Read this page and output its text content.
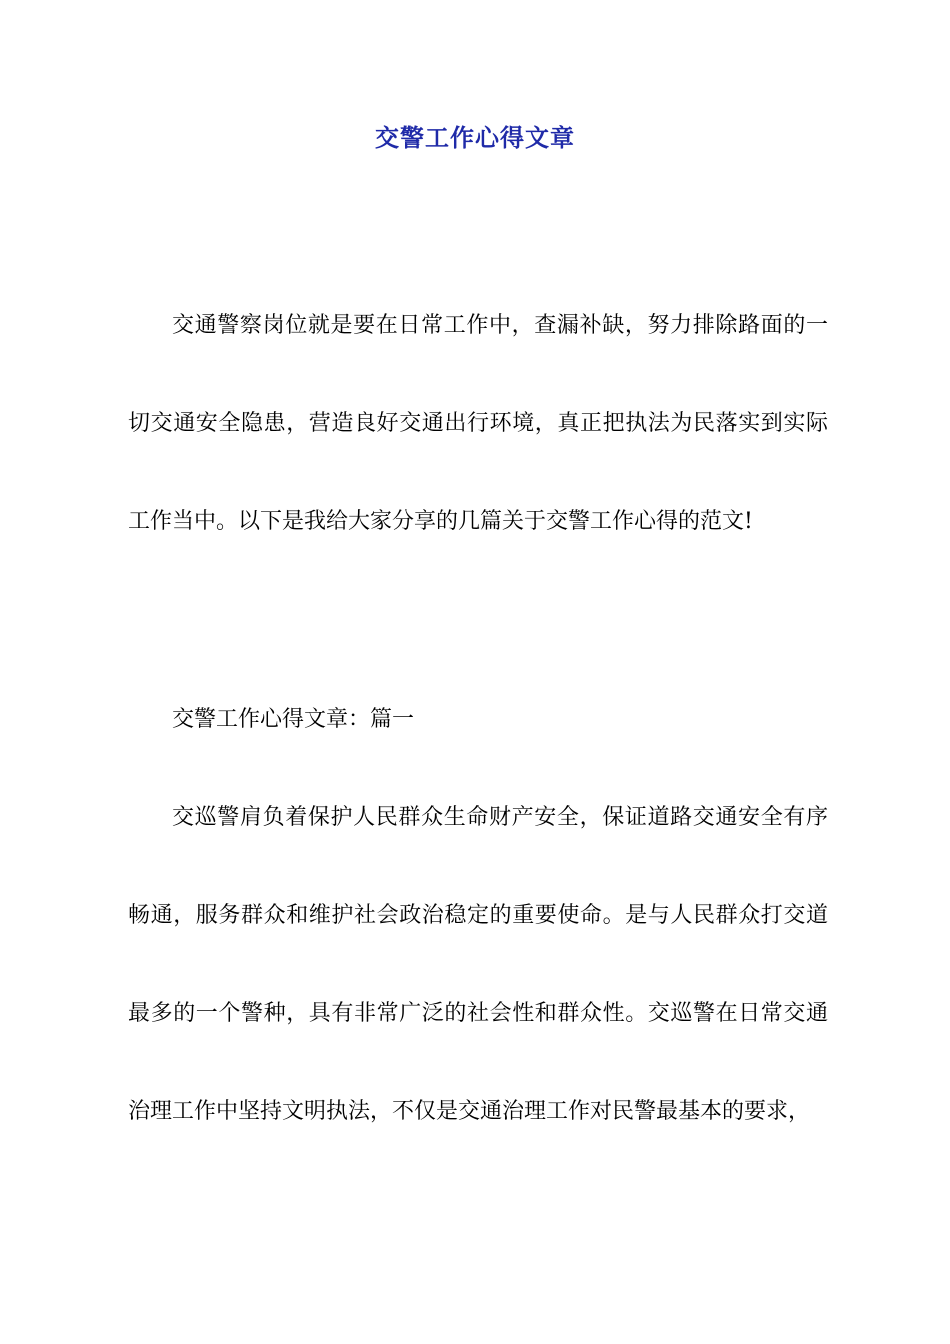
交警工作心得文章

交通警察岗位就是要在日常工作中，查漏补缺，努力排除路面的一切交通安全隐患，营造良好交通出行环境，真正把执法为民落实到实际工作当中。以下是我给大家分享的几篇关于交警工作心得的范文!

交警工作心得文章：篇一

交巡警肩负着保护人民群众生命财产安全，保证道路交通安全有序畅通，服务群众和维护社会政治稳定的重要使命。是与人民群众打交道最多的一个警种，具有非常广泛的社会性和群众性。交巡警在日常交通治理工作中坚持文明执法，不仅是交通治理工作对民警最基本的要求，
